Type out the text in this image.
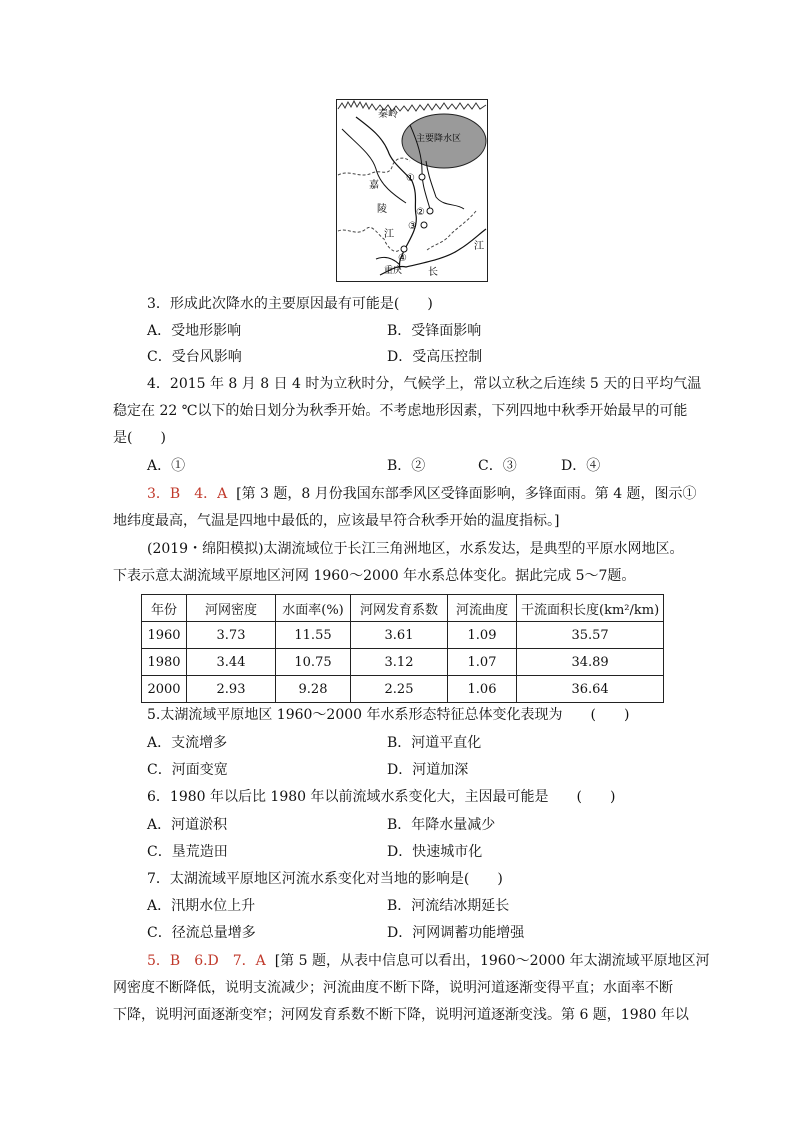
秦岭
主要降水区
嘉
陵
江
江
长
重庆
①
②
③
④
3．形成此次降水的主要原因最有可能是(　　)
A．受地形影响	B．受锋面影响
C．受台风影响	D．受高压控制
4．2015 年 8 月 8 日 4 时为立秋时分，气候学上，常以立秋之后连续 5 天的日平均气温
稳定在 22 ℃以下的始日划分为秋季开始。不考虑地形因素，下列四地中秋季开始最早的可能
是(　　)
A．①	B．②	C．③	D．④
3．B　4．A [第 3 题，8 月份我国东部季风区受锋面影响，多锋面雨。第 4 题，图示①
地纬度最高，气温是四地中最低的，应该最早符合秋季开始的温度指标。]
(2019・绵阳模拟)太湖流域位于长江三角洲地区，水系发达，是典型的平原水网地区。
下表示意太湖流域平原地区河网 1960～2000 年水系总体变化。据此完成 5～7题。
年份	河网密度	水面率(%)	河网发育系数	河流曲度	干流面积长度(km²/km)
1960	3.73	11.55	3.61	1.09	35.57
1980	3.44	10.75	3.12	1.07	34.89
2000	2.93	9.28	2.25	1.06	36.64
5.太湖流域平原地区 1960～2000 年水系形态特征总体变化表现为　　(　　)
A．支流增多	B．河道平直化
C．河面变宽	D．河道加深
6．1980 年以后比 1980 年以前流域水系变化大，主因最可能是　　(　　)
A．河道淤积	B．年降水量减少
C．垦荒造田	D．快速城市化
7．太湖流域平原地区河流水系变化对当地的影响是(　　)
A．汛期水位上升	B．河流结冰期延长
C．径流总量增多	D．河网调蓄功能增强
5．B　6.D　7．A [第 5 题，从表中信息可以看出，1960～2000 年太湖流域平原地区河
网密度不断降低，说明支流减少；河流曲度不断下降，说明河道逐渐变得平直；水面率不断
下降，说明河面逐渐变窄；河网发育系数不断下降，说明河道逐渐变浅。第 6 题，1980 年以
